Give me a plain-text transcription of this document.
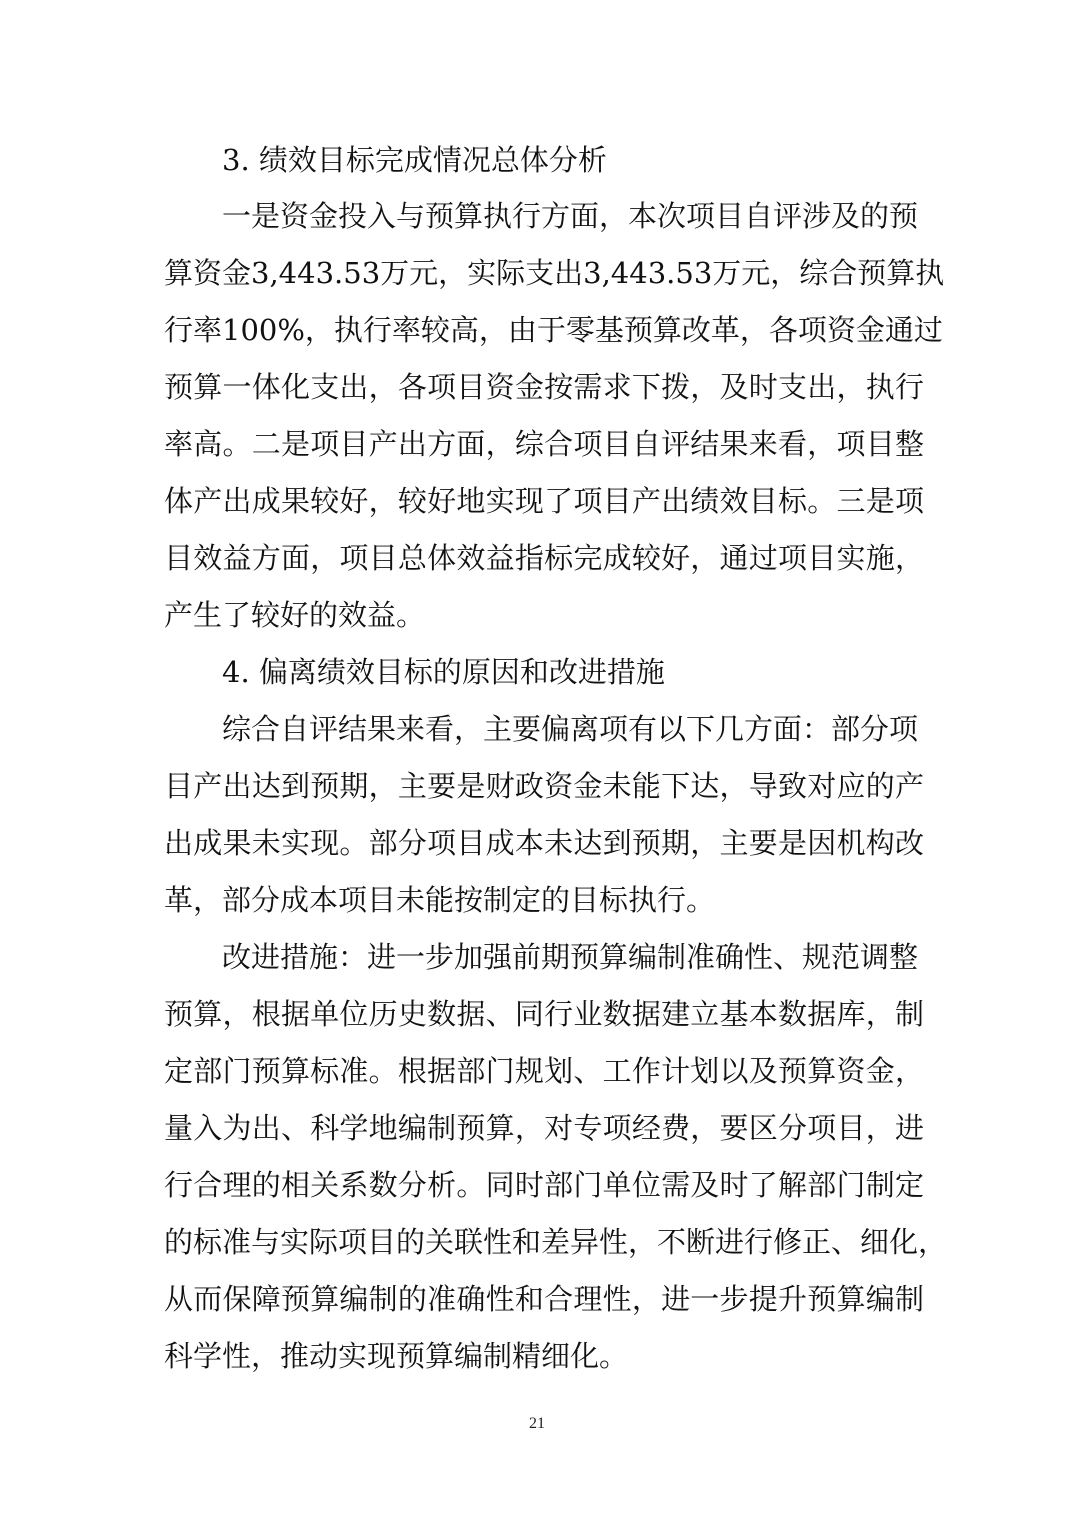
3. 绩效目标完成情况总体分析
一是资金投入与预算执行方面，本次项目自评涉及的预
算资金3,443.53万元，实际支出3,443.53万元，综合预算执
行率100%，执行率较高，由于零基预算改革，各项资金通过
预算一体化支出，各项目资金按需求下拨，及时支出，执行
率高。二是项目产出方面，综合项目自评结果来看，项目整
体产出成果较好，较好地实现了项目产出绩效目标。三是项
目效益方面，项目总体效益指标完成较好，通过项目实施，
产生了较好的效益。
4. 偏离绩效目标的原因和改进措施
综合自评结果来看，主要偏离项有以下几方面：部分项
目产出达到预期，主要是财政资金未能下达，导致对应的产
出成果未实现。部分项目成本未达到预期，主要是因机构改
革，部分成本项目未能按制定的目标执行。
改进措施：进一步加强前期预算编制准确性、规范调整
预算，根据单位历史数据、同行业数据建立基本数据库，制
定部门预算标准。根据部门规划、工作计划以及预算资金，
量入为出、科学地编制预算，对专项经费，要区分项目，进
行合理的相关系数分析。同时部门单位需及时了解部门制定
的标准与实际项目的关联性和差异性，不断进行修正、细化，
从而保障预算编制的准确性和合理性，进一步提升预算编制
科学性，推动实现预算编制精细化。
21
